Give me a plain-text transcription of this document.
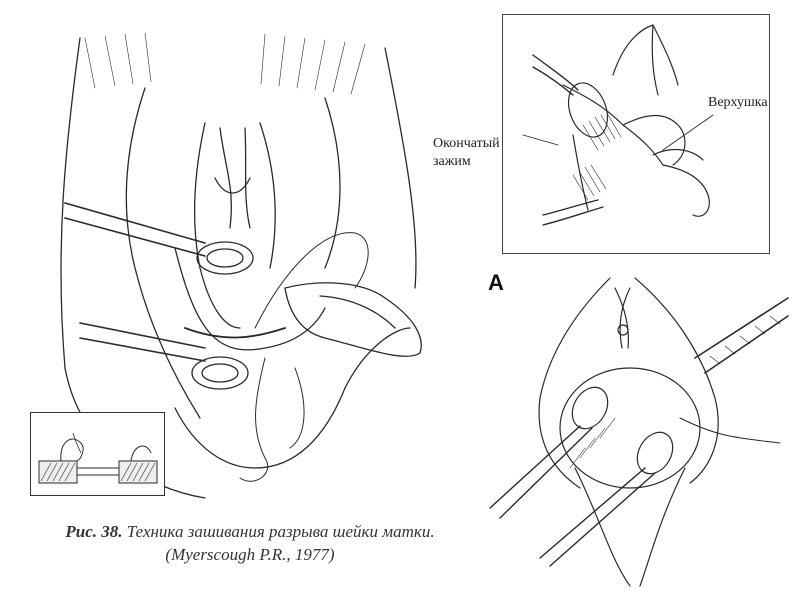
Рис. 38. Техника зашивания разрыва шейки матки.
(Myerscough P.R., 1977)
Окончатый
зажим
Верхушка
A
